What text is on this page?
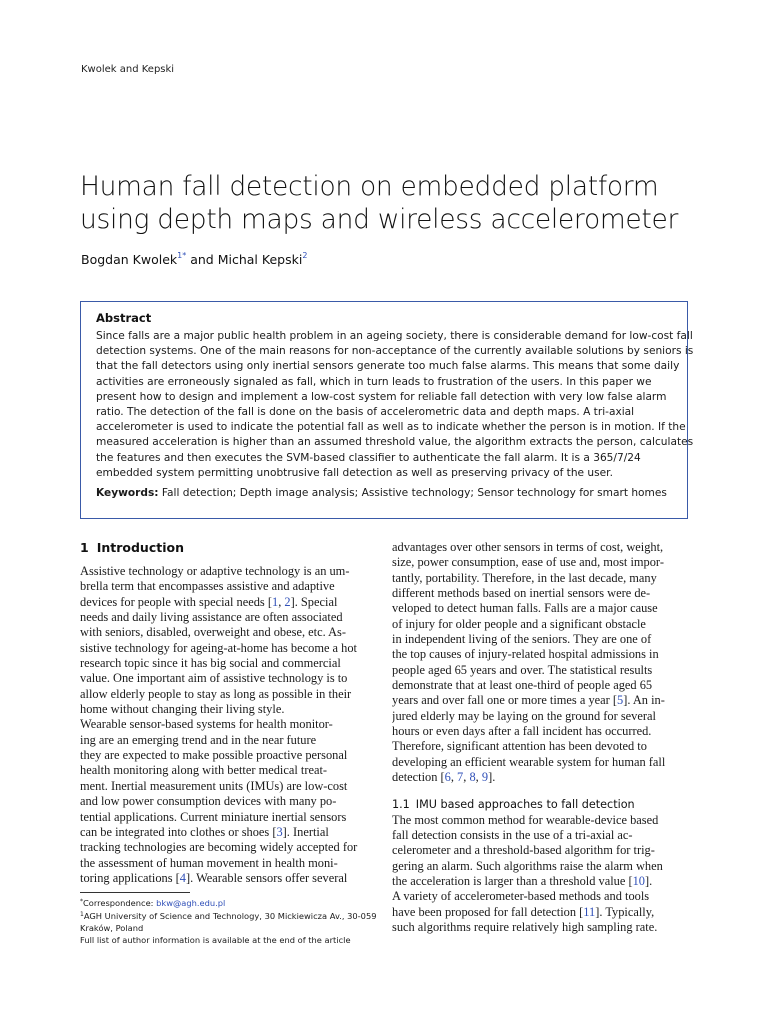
Kwolek and Kepski
Human fall detection on embedded platform
using depth maps and wireless accelerometer
Bogdan Kwolek$^{1*}$ and Michal Kepski$^2$
Abstract
Since falls are a major public health problem in an ageing society, there is considerable demand for low-cost fall
detection systems. One of the main reasons for non-acceptance of the currently available solutions by seniors is
that the fall detectors using only inertial sensors generate too much false alarms. This means that some daily
activities are erroneously signaled as fall, which in turn leads to frustration of the users. In this paper we
present how to design and implement a low-cost system for reliable fall detection with very low false alarm
ratio. The detection of the fall is done on the basis of accelerometric data and depth maps. A tri-axial
accelerometer is used to indicate the potential fall as well as to indicate whether the person is in motion. If the
measured acceleration is higher than an assumed threshold value, the algorithm extracts the person, calculates
the features and then executes the SVM-based classifier to authenticate the fall alarm. It is a 365/7/24
embedded system permitting unobtrusive fall detection as well as preserving privacy of the user.
Keywords: Fall detection; Depth image analysis; Assistive technology; Sensor technology for smart homes
1 Introduction
Assistive technology or adaptive technology is an um-
brella term that encompasses assistive and adaptive
devices for people with special needs [1, 2]. Special
needs and daily living assistance are often associated
with seniors, disabled, overweight and obese, etc. As-
sistive technology for ageing-at-home has become a hot
research topic since it has big social and commercial
value. One important aim of assistive technology is to
allow elderly people to stay as long as possible in their
home without changing their living style.
Wearable sensor-based systems for health monitor-
ing are an emerging trend and in the near future
they are expected to make possible proactive personal
health monitoring along with better medical treat-
ment. Inertial measurement units (IMUs) are low-cost
and low power consumption devices with many po-
tential applications. Current miniature inertial sensors
can be integrated into clothes or shoes [3]. Inertial
tracking technologies are becoming widely accepted for
the assessment of human movement in health moni-
toring applications [4]. Wearable sensors offer several
advantages over other sensors in terms of cost, weight,
size, power consumption, ease of use and, most impor-
tantly, portability. Therefore, in the last decade, many
different methods based on inertial sensors were de-
veloped to detect human falls. Falls are a major cause
of injury for older people and a significant obstacle
in independent living of the seniors. They are one of
the top causes of injury-related hospital admissions in
people aged 65 years and over. The statistical results
demonstrate that at least one-third of people aged 65
years and over fall one or more times a year [5]. An in-
jured elderly may be laying on the ground for several
hours or even days after a fall incident has occurred.
Therefore, significant attention has been devoted to
developing an efficient wearable system for human fall
detection [6, 7, 8, 9].
1.1 IMU based approaches to fall detection
The most common method for wearable-device based
fall detection consists in the use of a tri-axial ac-
celerometer and a threshold-based algorithm for trig-
gering an alarm. Such algorithms raise the alarm when
the acceleration is larger than a threshold value [10].
A variety of accelerometer-based methods and tools
have been proposed for fall detection [11]. Typically,
such algorithms require relatively high sampling rate.
*Correspondence: bkw@agh.edu.pl
$^1$AGH University of Science and Technology, 30 Mickiewicza Av., 30-059
Kraków, Poland
Full list of author information is available at the end of the article
